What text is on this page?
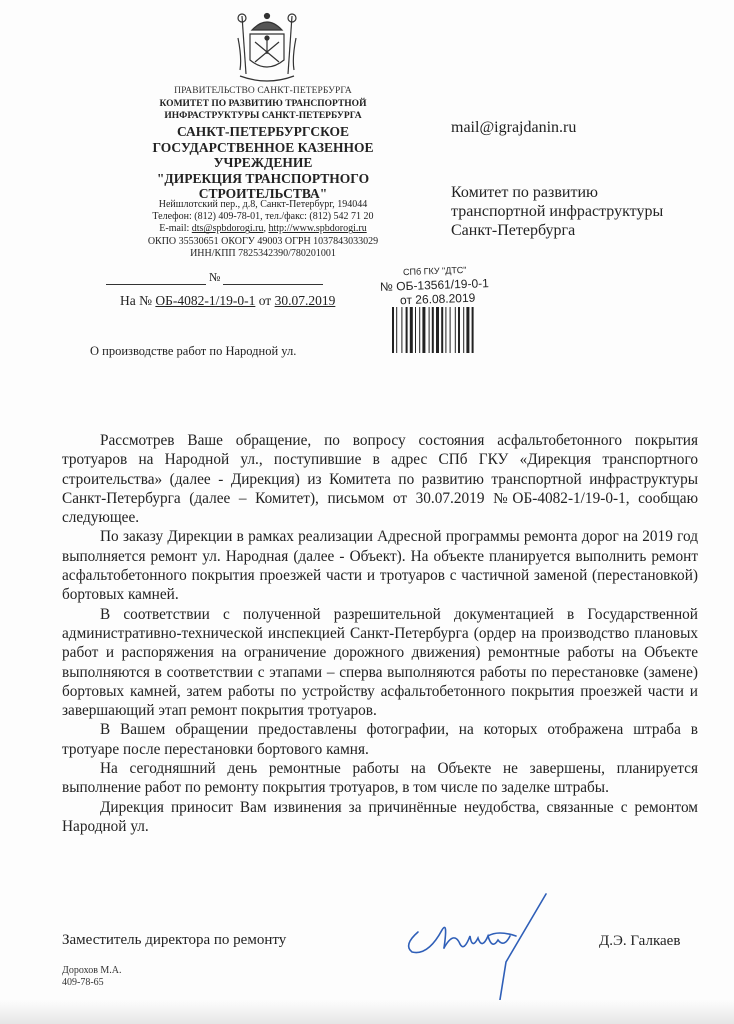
ПРАВИТЕЛЬСТВО САНКТ-ПЕТЕРБУРГА
КОМИТЕТ ПО РАЗВИТИЮ ТРАНСПОРТНОЙ
ИНФРАСТРУКТУРЫ САНКТ-ПЕТЕРБУРГА
САНКТ-ПЕТЕРБУРГСКОЕ
ГОСУДАРСТВЕННОЕ КАЗЕННОЕ
УЧРЕЖДЕНИЕ
"ДИРЕКЦИЯ ТРАНСПОРТНОГО
СТРОИТЕЛЬСТВА"
Нейшлотский пер., д.8, Санкт-Петербург, 194044
Телефон: (812) 409-78-01, тел./факс: (812) 542 71 20
E-mail: dts@spbdorogi.ru, http://www.spbdorogi.ru
ОКПО 35530651 ОКОГУ 49003 ОГРН 1037843033029
ИНН/КПП 7825342390/780201001
№
На № ОБ-4082-1/19-0-1 от 30.07.2019
О производстве работ по Народной ул.
mail@igrajdanin.ru
Комитет по развитию
транспортной инфраструктуры
Санкт-Петербурга
СПб ГКУ "ДТС"
№ ОБ-13561/19-0-1
от 26.08.2019

Рассмотрев Ваше обращение, по вопросу состояния асфальтобетонного покрытия тротуаров на Народной ул., поступившие в адрес СПб ГКУ «Дирекция транспортного строительства» (далее - Дирекция) из Комитета по развитию транспортной инфраструктуры Санкт-Петербурга (далее – Комитет), письмом от 30.07.2019 №ОБ-4082-1/19-0-1, сообщаю следующее.

По заказу Дирекции в рамках реализации Адресной программы ремонта дорог на 2019 год выполняется ремонт ул. Народная (далее - Объект). На объекте планируется выполнить ремонт асфальтобетонного покрытия проезжей части и тротуаров с частичной заменой (перестановкой) бортовых камней.

В соответствии с полученной разрешительной документацией в Государственной административно-технической инспекцией Санкт-Петербурга (ордер на производство плановых работ и распоряжения на ограничение дорожного движения) ремонтные работы на Объекте выполняются в соответствии с этапами – сперва выполняются работы по перестановке (замене) бортовых камней, затем работы по устройству асфальтобетонного покрытия проезжей части и завершающий этап ремонт покрытия тротуаров.

В Вашем обращении предоставлены фотографии, на которых отображена штраба в тротуаре после перестановки бортового камня.

На сегодняшний день ремонтные работы на Объекте не завершены, планируется выполнение работ по ремонту покрытия тротуаров, в том числе по заделке штрабы.

Дирекция приносит Вам извинения за причинённые неудобства, связанные с ремонтом Народной ул.

Заместитель директора по ремонту	Д.Э. Галкаев
Дорохов М.А.
409-78-65
